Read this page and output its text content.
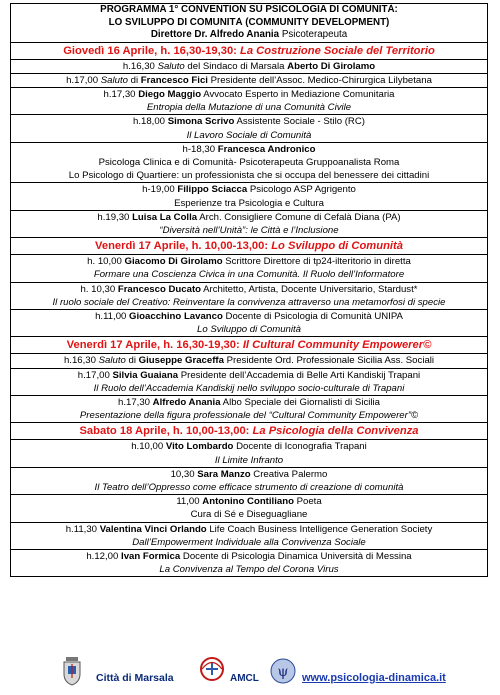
PROGRAMMA 1° CONVENTION SU PSICOLOGIA DI COMUNITÀ:
LO SVILUPPO DI COMUNITÀ (COMMUNITY DEVELOPMENT)
Direttore Dr. Alfredo Anania Psicoterapeuta
Giovedì 16 Aprile, h. 16,30-19,30: La Costruzione Sociale del Territorio
h.16,30 Saluto del Sindaco di Marsala Aberto Di Girolamo
h.17,00 Saluto di Francesco Fici Presidente dell’Assoc. Medico-Chirurgica Lilybetana
h.17,30 Diego Maggio Avvocato Esperto in Mediazione Comunitaria
Entropia della Mutazione di una Comunità Civile
h.18,00 Simona Scrivo Assistente Sociale - Stilo (RC)
Il Lavoro Sociale di Comunità
h-18,30 Francesca Andronico
Psicologa Clinica e di Comunità- Psicoterapeuta Gruppoanalista Roma
Lo Psicologo di Quartiere: un professionista che si occupa del benessere dei cittadini
h-19,00 Filippo Sciacca Psicologo ASP Agrigento
Esperienze tra Psicologia e Cultura
h.19,30 Luisa La Colla Arch. Consigliere Comune di Cefalà Diana (PA)
“Diversità nell’Unità”: le Città e l’Inclusione
Venerdì 17 Aprile, h. 10,00-13,00: Lo Sviluppo di Comunità
h. 10,00 Giacomo Di Girolamo Scrittore Direttore di tp24-ilteritorio in diretta
Formare una Coscienza Civica in una Comunità. Il Ruolo dell’Informatore
h. 10,30 Francesco Ducato Architetto, Artista, Docente Universitario, Stardust*
Il ruolo sociale del Creativo: Reinventare la convivenza attraverso una metamorfosi di specie
h.11,00 Gioacchino Lavanco Docente di Psicologia di Comunità UNIPA
Lo Sviluppo di Comunità
Venerdì 17 Aprile, h. 16,30-19,30: Il Cultural Community Empowerer©
h.16,30 Saluto di Giuseppe Graceffa Presidente Ord. Professionale Sicilia Ass. Sociali
h.17,00 Silvia Guaiana Presidente dell’Accademia di Belle Arti Kandiskij Trapani
Il Ruolo dell’Accademia Kandiskij nello sviluppo socio-culturale di Trapani
h.17,30 Alfredo Anania Albo Speciale dei Giornalisti di Sicilia
Presentazione della figura professionale del “Cultural Community Empowerer”©
Sabato 18 Aprile, h. 10,00-13,00: La Psicologia della Convivenza
h.10,00 Vito Lombardo Docente di Iconografia Trapani
Il Limite Infranto
10,30 Sara Manzo Creativa Palermo
Il Teatro dell’Oppresso come efficace strumento di creazione di comunità
11,00 Antonino Contiliano Poeta
Cura di Sé e Diseguagliane
h.11,30 Valentina Vinci Orlando Life Coach Business Intelligence Generation Society
Dall’Empowerment Individuale alla Convivenza Sociale
h.12,00 Ivan Formica Docente di Psicologia Dinamica Università di Messina
La Convivenza al Tempo del Corona Virus
Città di Marsala	AMCL ψ www.psicologia-dinamica.it
